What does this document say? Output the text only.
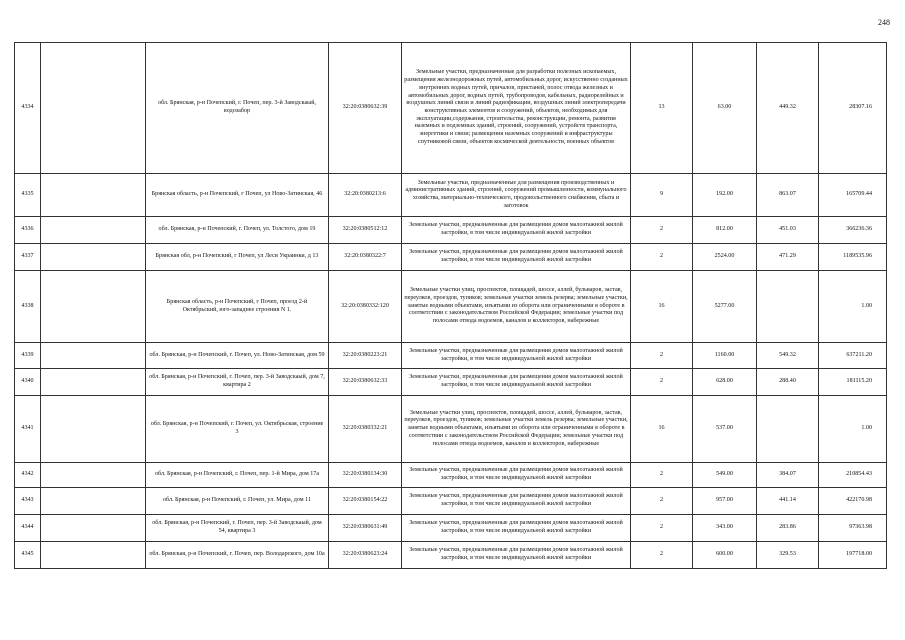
248
4334		обл. Брянская, р-н Почепский, г. Почеп, пер. 3-й Заводскаый, водозабор	32:20:0380632:39	Земельные участки, предназначенные для разработки полезных ископаемых, размещения железнодорожных путей, автомобильных дорог, искусственно созданных внутренних водных путей, причалов, пристаней, полос отвода железных и автомобильных дорог, водных путей, трубопроводов, кабельных, радиорелейных и воздушных линий связи и линий радиофикации, воздушных линий электропередачи конструктивных элементов и сооружений, объектов, необходимых для эксплуатации,содержания, строительства, реконструкции, ремонта, развития наземных и подземных зданий, строений, сооружений, устройств транспорта, энергетики и связи; размещения наземных сооружений и инфраструктуры спутниковой связи, объектов космической деятельности, военных объектов	13	63.00	449.32	28307.16
4335		Брянская область, р-н Почепский, г Почеп, ул Ново-Затинская, 46	32:20:0380213:6	Земельные участки, предназначенные для размещения производственных и административных зданий, строений, сооружений промышленности, коммунального хозяйства, материально-технического, продовольственного снабжения, сбыта и заготовок	9	192.00	863.07	165709.44
4336		обл. Брянская, р-н Почепский, г. Почеп, ул. Толстого, дом 19	32:20:0380512:12	Земельные участки, предназначенные для размещения домов малоэтажной жилой застройки, в том числе индивидуальной жилой застройки	2	812.00	451.03	366236.36
4337		Брянская обл, р-н Почепский, г Почеп, ул Леси Украинки, д 13	32:20:0380322:7	Земельные участки, предназначенные для размещения домов малоэтажной жилой застройки, в том числе индивидуальной жилой застройки	2	2524.00	471.29	1189535.96
4338		Брянская область, р-н Почепский, г Почеп, проезд 2-й Октябрьский, юго-западнее строения N 1.	32:20:0380332:120	Земельные участки улиц, проспектов, площадей, шоссе, аллей, бульваров, застав, переулков, проездов, тупиков; земельные участки земель резерва; земельные участки, занятые водными объектами, изъятыми из оборота или ограниченными в обороте в соответствии с законодательством Российской Федерации; земельные участки под полосами отвода водоемов, каналов и коллекторов, набережные	16	5277.00		1.00
4339		обл. Брянская, р-н Почепский, г. Почеп, ул. Ново-Затинская, дом 59	32:20:0380223:21	Земельные участки, предназначенные для размещения домов малоэтажной жилой застройки, в том числе индивидуальной жилой застройки	2	1160.00	549.32	637211.20
4340		обл. Брянская, р-н Почепский, г. Почеп, пер. 3-й Заводскаый, дом 7, квартира 2	32:20:0380632:33	Земельные участки, предназначенные для размещения домов малоэтажной жилой застройки, в том числе индивидуальной жилой застройки	2	628.00	288.40	181115.20
4341		обл. Брянская, р-н Почепский, г. Почеп, ул. Октябрьская, строение 3	32:20:0380332:21	Земельные участки улиц, проспектов, площадей, шоссе, аллей, бульваров, застав, переулков, проездов, тупиков; земельные участки земель резерва; земельные участки, занятые водными объектами, изъятыми из оборота или ограниченными в обороте в соответствии с законодательством Российской Федерации; земельные участки под полосами отвода водоемов, каналов и коллекторов, набережные	16	537.00		1.00
4342		обл. Брянская, р-н Почепский, г. Почеп, пер. 1-й Мира, дом 17а	32:20:0380134:30	Земельные участки, предназначенные для размещения домов малоэтажной жилой застройки, в том числе индивидуальной жилой застройки	2	549.00	384.07	210854.43
4343		обл. Брянская, р-н Почепский, г. Почеп, ул. Мира, дом 11	32:20:0380154:22	Земельные участки, предназначенные для размещения домов малоэтажной жилой застройки, в том числе индивидуальной жилой застройки	2	957.00	441.14	422170.98
4344		обл. Брянская, р-н Почепский, г. Почеп, пер. 3-й Заводскаый, дом 54, квартира 3	32:20:0380631:49	Земельные участки, предназначенные для размещения домов малоэтажной жилой застройки, в том числе индивидуальной жилой застройки	2	343.00	283.86	97363.98
4345		обл. Брянская, р-н Почепский, г. Почеп, пер. Володарского, дом 10а	32:20:0380623:24	Земельные участки, предназначенные для размещения домов малоэтажной жилой застройки, в том числе индивидуальной жилой застройки	2	600.00	329.53	197718.00
